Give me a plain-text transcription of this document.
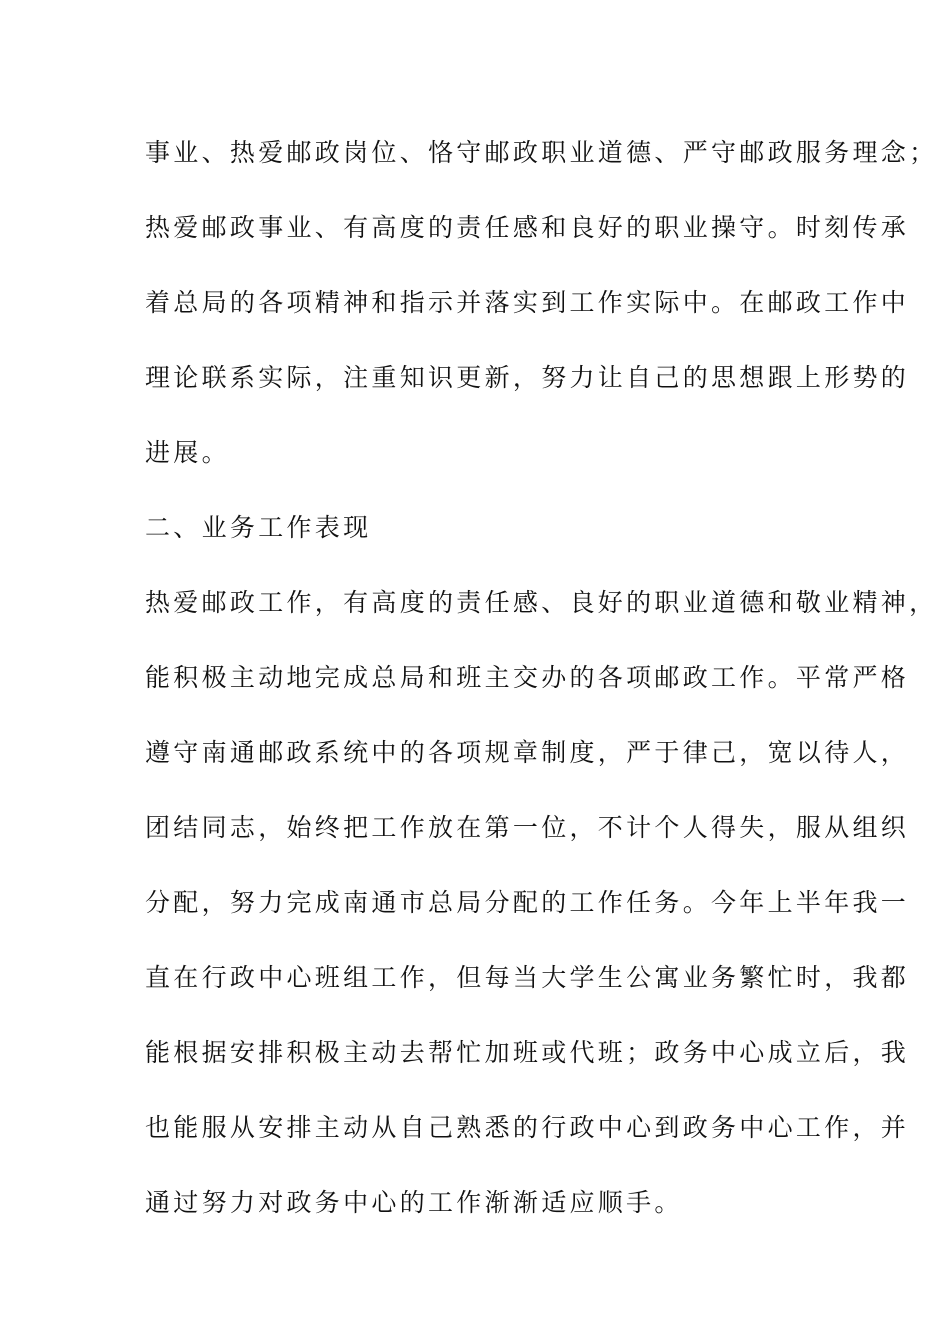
事业、热爱邮政岗位、恪守邮政职业道德、严守邮政服务理念；
热爱邮政事业、有高度的责任感和良好的职业操守。时刻传承
着总局的各项精神和指示并落实到工作实际中。在邮政工作中
理论联系实际，注重知识更新，努力让自己的思想跟上形势的
进展。
二、业务工作表现
热爱邮政工作，有高度的责任感、良好的职业道德和敬业精神，
能积极主动地完成总局和班主交办的各项邮政工作。平常严格
遵守南通邮政系统中的各项规章制度，严于律己，宽以待人，
团结同志，始终把工作放在第一位，不计个人得失，服从组织
分配，努力完成南通市总局分配的工作任务。今年上半年我一
直在行政中心班组工作，但每当大学生公寓业务繁忙时，我都
能根据安排积极主动去帮忙加班或代班；政务中心成立后，我
也能服从安排主动从自己熟悉的行政中心到政务中心工作，并
通过努力对政务中心的工作渐渐适应顺手。
